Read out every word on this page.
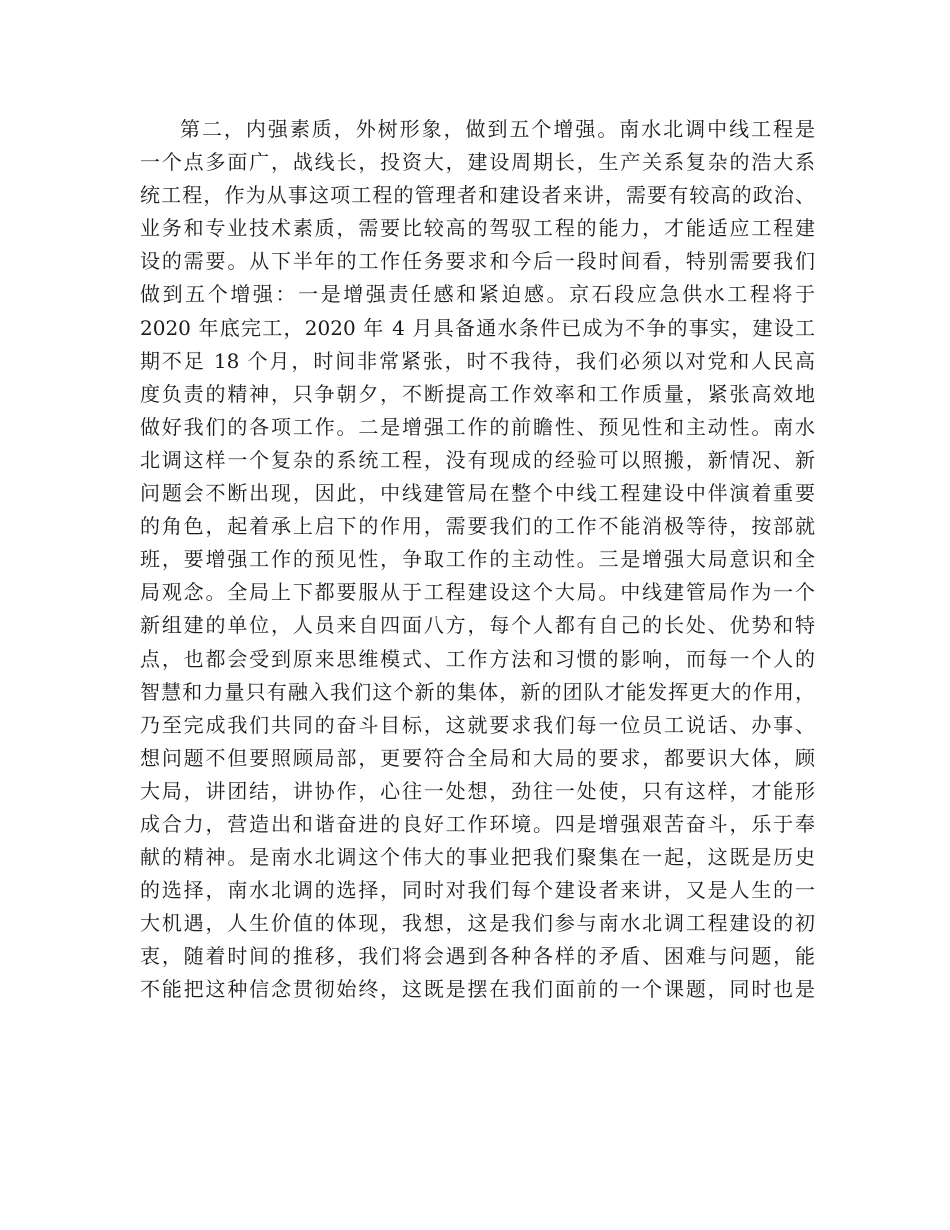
第二，内强素质，外树形象，做到五个增强。南水北调中线工程是
一个点多面广，战线长，投资大，建设周期长，生产关系复杂的浩大系
统工程，作为从事这项工程的管理者和建设者来讲，需要有较高的政治、
业务和专业技术素质，需要比较高的驾驭工程的能力，才能适应工程建
设的需要。从下半年的工作任务要求和今后一段时间看，特别需要我们
做到五个增强：一是增强责任感和紧迫感。京石段应急供水工程将于
2020 年底完工，2020 年 4 月具备通水条件已成为不争的事实，建设工
期不足 18 个月，时间非常紧张，时不我待，我们必须以对党和人民高
度负责的精神，只争朝夕，不断提高工作效率和工作质量，紧张高效地
做好我们的各项工作。二是增强工作的前瞻性、预见性和主动性。南水
北调这样一个复杂的系统工程，没有现成的经验可以照搬，新情况、新
问题会不断出现，因此，中线建管局在整个中线工程建设中伴演着重要
的角色，起着承上启下的作用，需要我们的工作不能消极等待，按部就
班，要增强工作的预见性，争取工作的主动性。三是增强大局意识和全
局观念。全局上下都要服从于工程建设这个大局。中线建管局作为一个
新组建的单位，人员来自四面八方，每个人都有自己的长处、优势和特
点，也都会受到原来思维模式、工作方法和习惯的影响，而每一个人的
智慧和力量只有融入我们这个新的集体，新的团队才能发挥更大的作用，
乃至完成我们共同的奋斗目标，这就要求我们每一位员工说话、办事、
想问题不但要照顾局部，更要符合全局和大局的要求，都要识大体，顾
大局，讲团结，讲协作，心往一处想，劲往一处使，只有这样，才能形
成合力，营造出和谐奋进的良好工作环境。四是增强艰苦奋斗，乐于奉
献的精神。是南水北调这个伟大的事业把我们聚集在一起，这既是历史
的选择，南水北调的选择，同时对我们每个建设者来讲，又是人生的一
大机遇，人生价值的体现，我想，这是我们参与南水北调工程建设的初
衷，随着时间的推移，我们将会遇到各种各样的矛盾、困难与问题，能
不能把这种信念贯彻始终，这既是摆在我们面前的一个课题，同时也是
